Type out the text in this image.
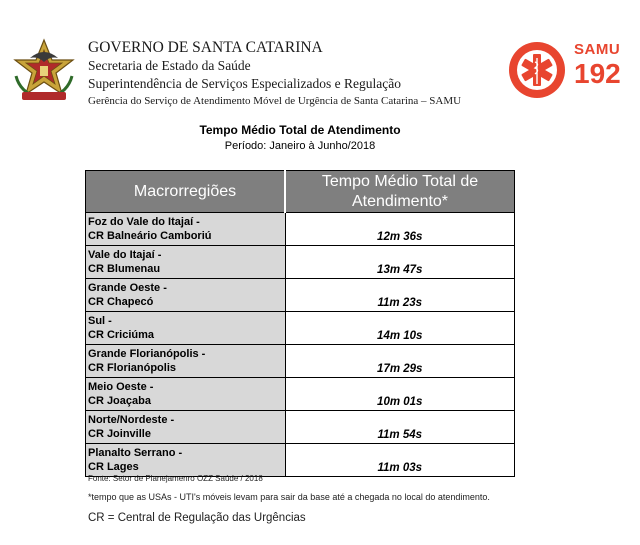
GOVERNO DE SANTA CATARINA
Secretaria de Estado da Saúde
Superintendência de Serviços Especializados e Regulação
Gerência do Serviço de Atendimento Móvel de Urgência de Santa Catarina – SAMU
SAMU
192
Tempo Médio Total de Atendimento
Período: Janeiro à Junho/2018
Macrorregiões	Tempo Médio Total de Atendimento*
Foz do Vale do Itajaí -
CR Balneário Camboriú	12m 36s
Vale do Itajaí -
CR Blumenau	13m 47s
Grande Oeste -
CR Chapecó	11m 23s
Sul -
CR Criciúma	14m 10s
Grande Florianópolis -
CR Florianópolis	17m 29s
Meio Oeste -
CR Joaçaba	10m 01s
Norte/Nordeste -
CR Joinville	11m 54s
Planalto Serrano -
CR Lages	11m 03s
Fonte: Setor de Planejamenro OZZ Saúde / 2018
*tempo que as USAs - UTI's móveis levam para sair da base até a chegada no local do atendimento.
CR = Central de Regulação das Urgências
